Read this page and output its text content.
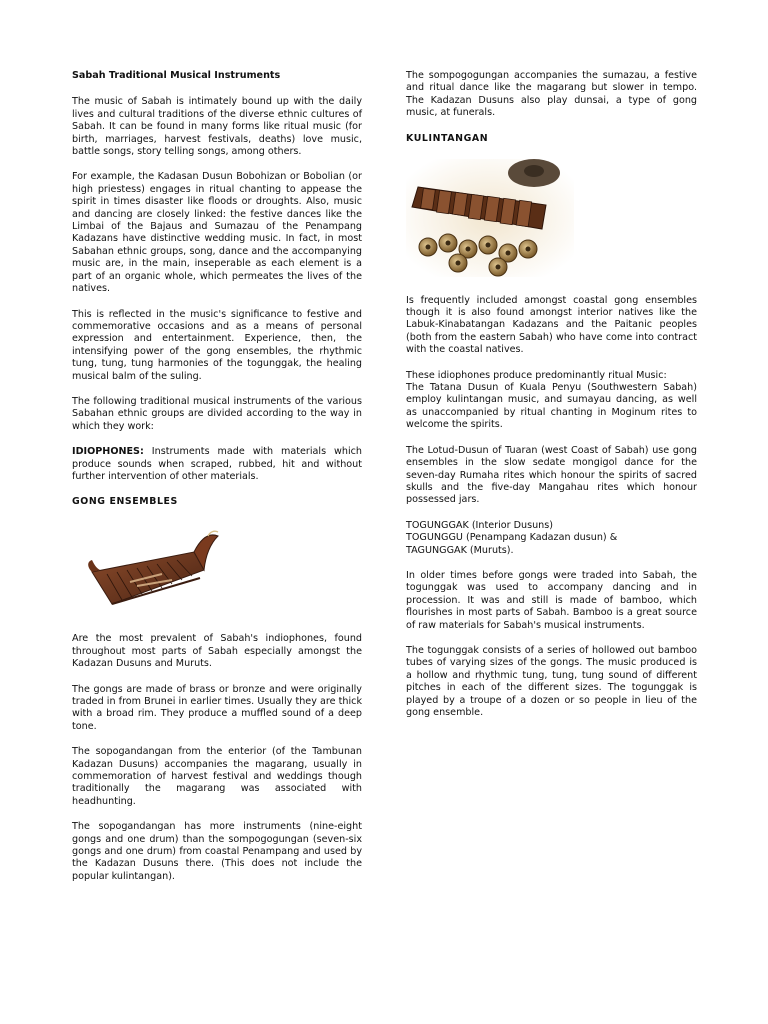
Sabah Traditional Musical Instruments

The music of Sabah is intimately bound up with the daily lives and cultural traditions of the diverse ethnic cultures of Sabah. It can be found in many forms like ritual music (for birth, marriages, harvest festivals, deaths) love music, battle songs, story telling songs, among others.

For example, the Kadasan Dusun Bobohizan or Bobolian (or high priestess) engages in ritual chanting to appease the spirit in times disaster like floods or droughts. Also, music and dancing are closely linked: the festive dances like the Limbai of the Bajaus and Sumazau of the Penampang Kadazans have distinctive wedding music. In fact, in most Sabahan ethnic groups, song, dance and the accompanying music are, in the main, inseperable as each element is a part of an organic whole, which permeates the lives of the natives.

This is reflected in the music's significance to festive and commemorative occasions and as a means of personal expression and entertainment. Experience, then, the intensifying power of the gong ensembles, the rhythmic tung, tung, tung harmonies of the togunggak, the healing musical balm of the suling.

The following traditional musical instruments of the various Sabahan ethnic groups are divided according to the way in which they work:

IDIOPHONES: Instruments made with materials which produce sounds when scraped, rubbed, hit and without further intervention of other materials.

GONG ENSEMBLES

Are the most prevalent of Sabah's indiophones, found throughout most parts of Sabah especially amongst the Kadazan Dusuns and Muruts.

The gongs are made of brass or bronze and were originally traded in from Brunei in earlier times. Usually they are thick with a broad rim. They produce a muffled sound of a deep tone.

The sopogandangan from the enterior (of the Tambunan Kadazan Dusuns) accompanies the magarang, usually in commemoration of harvest festival and weddings though traditionally the magarang was associated with headhunting.

The sopogandangan has more instruments (nine-eight gongs and one drum) than the sompogogungan (seven-six gongs and one drum) from coastal Penampang and used by the Kadazan Dusuns there. (This does not include the popular kulintangan).

The sompogogungan accompanies the sumazau, a festive and ritual dance like the magarang but slower in tempo. The Kadazan Dusuns also play dunsai, a type of gong music, at funerals.

KULINTANGAN

Is frequently included amongst coastal gong ensembles though it is also found amongst interior natives like the Labuk-Kinabatangan Kadazans and the Paitanic peoples (both from the eastern Sabah) who have come into contract with the coastal natives.

These idiophones produce predominantly ritual Music:
The Tatana Dusun of Kuala Penyu (Southwestern Sabah) employ kulintangan music, and sumayau dancing, as well as unaccompanied by ritual chanting in Moginum rites to welcome the spirits.

The Lotud-Dusun of Tuaran (west Coast of Sabah) use gong ensembles in the slow sedate mongigol dance for the seven-day Rumaha rites which honour the spirits of sacred skulls and the five-day Mangahau rites which honour possessed jars.

TOGUNGGAK (Interior Dusuns)

TOGUNGGU (Penampang Kadazan dusun) &

TAGUNGGAK (Muruts).

In older times before gongs were traded into Sabah, the togunggak was used to accompany dancing and in procession. It was and still is made of bamboo, which flourishes in most parts of Sabah. Bamboo is a great source of raw materials for Sabah's musical instruments.

The togunggak consists of a series of hollowed out bamboo tubes of varying sizes of the gongs. The music produced is a hollow and rhythmic tung, tung, tung sound of different pitches in each of the different sizes. The togunggak is played by a troupe of a dozen or so people in lieu of the gong ensemble.
